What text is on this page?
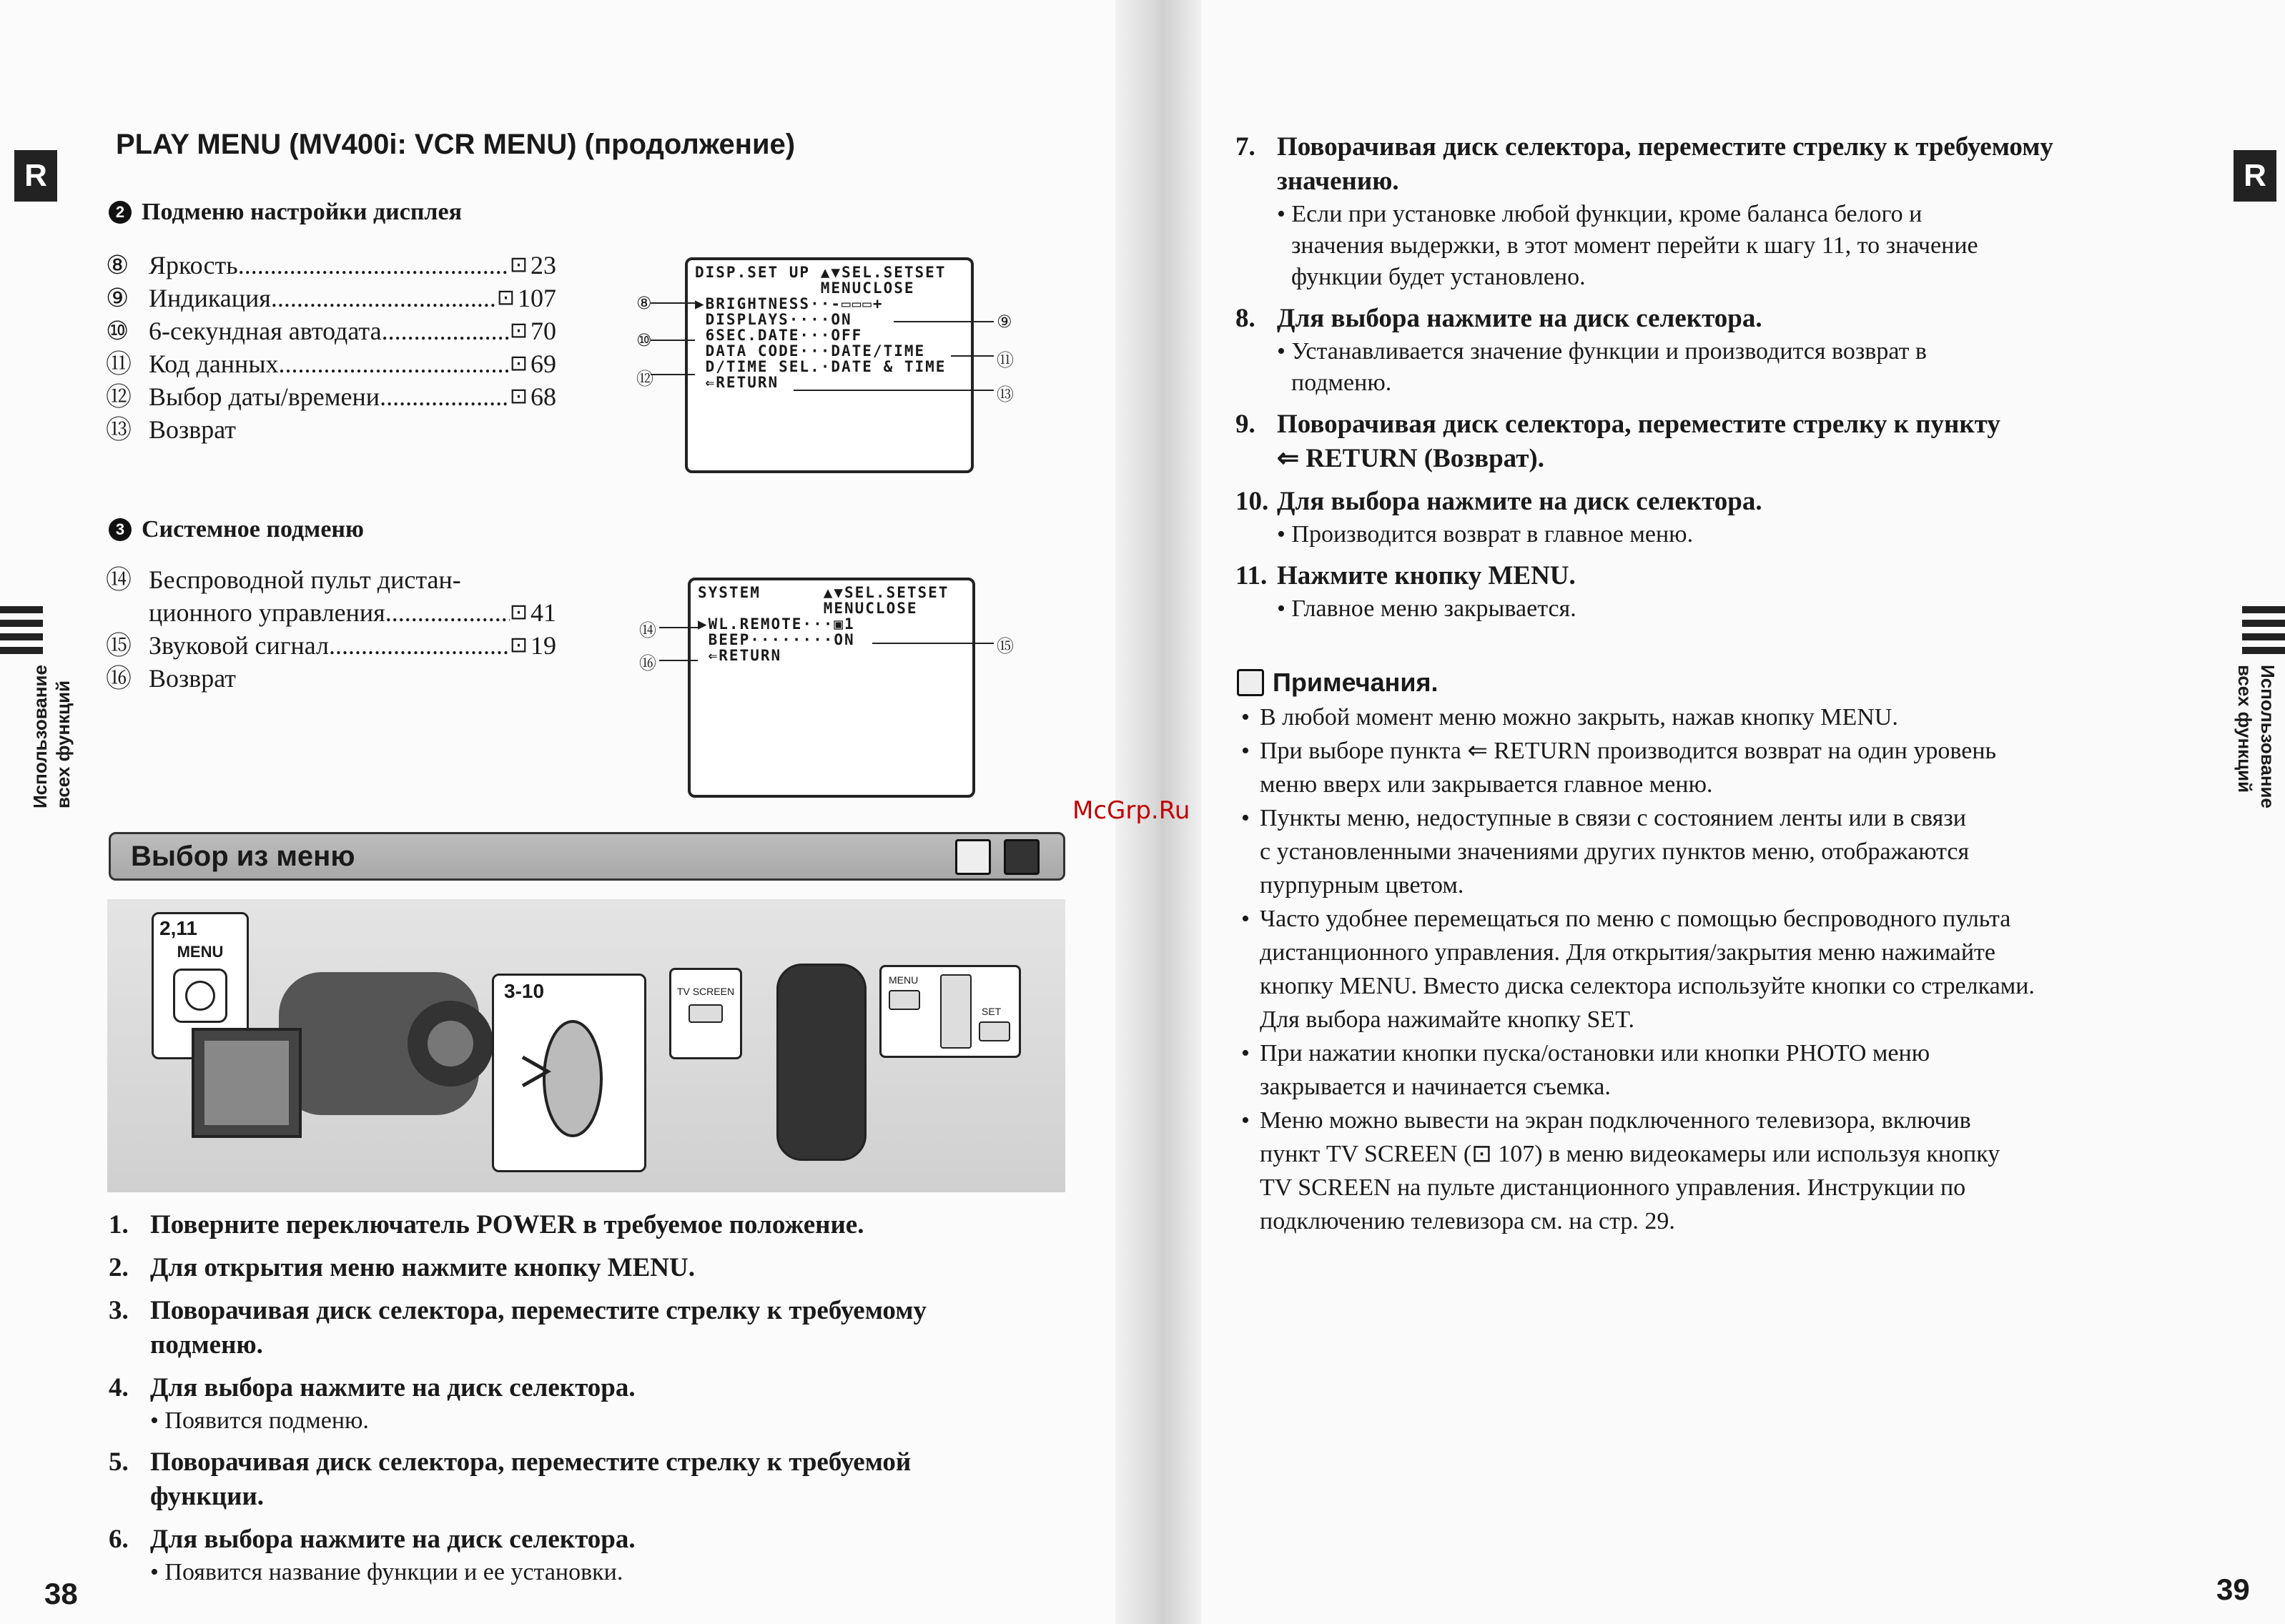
R
PLAY MENU (MV400i: VCR MENU) (продолжение)
2 Подменю настройки дисплея
⑧ Яркость .....	⊡ 23
⑨ Индикация .....	⊡ 107
⑩ 6-секундная автодата .....	⊡ 70
⑪ Код данных .....	⊡ 69
⑫ Выбор даты/времени .....	⊡ 68
⑬ Возврат
DISP.SET UP ▲▼SEL.SETSET
MENUCLOSE
▶BRIGHTNESS··-▭▭▭+
DISPLAYS····ON
6SEC.DATE···OFF
DATA CODE···DATE/TIME
D/TIME SEL.·DATE & TIME
⇐RETURN
⑧
⑨
⑩
⑪
⑫
⑬
3 Системное подменю
⑭ Беспроводной пульт дистан-
ционного управления .....	⊡ 41
⑮ Звуковой сигнал .....	⊡ 19
⑯ Возврат
SYSTEM      ▲▼SEL.SETSET
MENUCLOSE
▶WL.REMOTE···▣1
BEEP········ON
⇐RETURN
⑭
⑮
⑯
Использование
всех функций
Выбор из меню
2,11
MENU
3-10	TV SCREEN
MENU
SET
1. Поверните переключатель POWER в требуемое положение.
2. Для открытия меню нажмите кнопку MENU.
3. Поворачивая диск селектора, переместите стрелку к требуемому
подменю.
4. Для выбора нажмите на диск селектора.
• Появится подменю.
5. Поворачивая диск селектора, переместите стрелку к требуемой
функции.
6. Для выбора нажмите на диск селектора.
• Появится название функции и ее установки.
38
McGrp.Ru
R
7. Поворачивая диск селектора, переместите стрелку к требуемому
значению.
• Если при установке любой функции, кроме баланса белого и
значения выдержки, в этот момент перейти к шагу 11, то значение
функции будет установлено.
8. Для выбора нажмите на диск селектора.
• Устанавливается значение функции и производится возврат в
подменю.
9. Поворачивая диск селектора, переместите стрелку к пункту
⇐ RETURN (Возврат).
10. Для выбора нажмите на диск селектора.
• Производится возврат в главное меню.
11. Нажмите кнопку MENU.
• Главное меню закрывается.
Примечания.
• В любой момент меню можно закрыть, нажав кнопку MENU.
• При выборе пункта ⇐ RETURN производится возврат на один уровень
меню вверх или закрывается главное меню.
• Пункты меню, недоступные в связи с состоянием ленты или в связи
с установленными значениями других пунктов меню, отображаются
пурпурным цветом.
• Часто удобнее перемещаться по меню с помощью беспроводного пульта
дистанционного управления. Для открытия/закрытия меню нажимайте
кнопку MENU. Вместо диска селектора используйте кнопки со стрелками.
Для выбора нажимайте кнопку SET.
• При нажатии кнопки пуска/остановки или кнопки PHOTO меню
закрывается и начинается съемка.
• Меню можно вывести на экран подключенного телевизора, включив
пункт TV SCREEN (⊡ 107) в меню видеокамеры или используя кнопку
TV SCREEN на пульте дистанционного управления. Инструкции по
подключению телевизора см. на стр. 29.
Использование
всех функций
39
